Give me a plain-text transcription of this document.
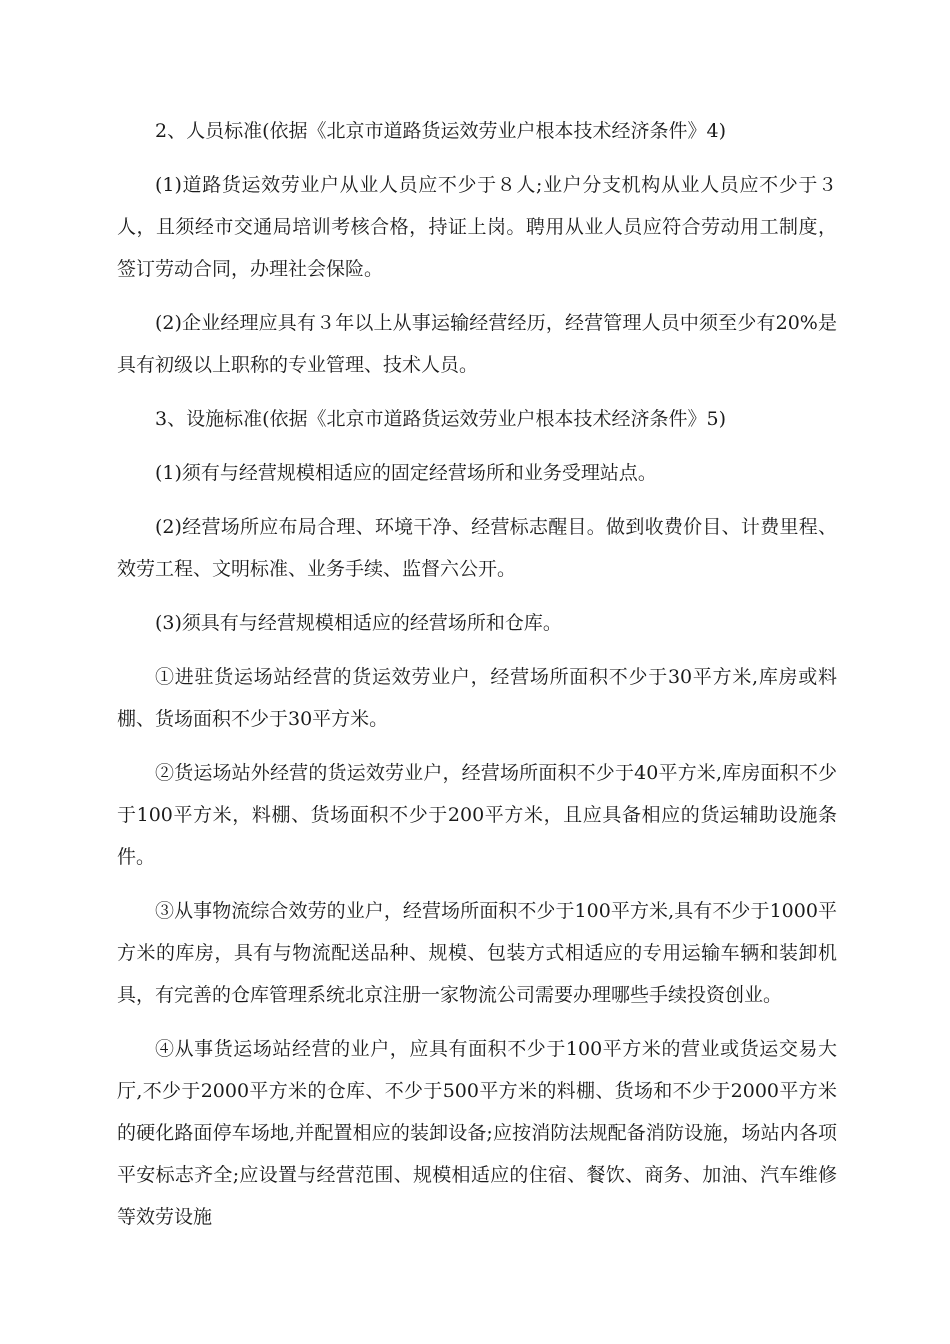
2、人员标准(依据《北京市道路货运效劳业户根本技术经济条件》4)

(1)道路货运效劳业户从业人员应不少于８人;业户分支机构从业人员应不少于３人，且须经市交通局培训考核合格，持证上岗。聘用从业人员应符合劳动用工制度，签订劳动合同，办理社会保险。

(2)企业经理应具有３年以上从事运输经营经历，经营管理人员中须至少有20%是具有初级以上职称的专业管理、技术人员。

3、设施标准(依据《北京市道路货运效劳业户根本技术经济条件》5)

(1)须有与经营规模相适应的固定经营场所和业务受理站点。

(2)经营场所应布局合理、环境干净、经营标志醒目。做到收费价目、计费里程、效劳工程、文明标准、业务手续、监督六公开。

(3)须具有与经营规模相适应的经营场所和仓库。

①进驻货运场站经营的货运效劳业户，经营场所面积不少于30平方米,库房或料棚、货场面积不少于30平方米。

②货运场站外经营的货运效劳业户，经营场所面积不少于40平方米,库房面积不少于100平方米，料棚、货场面积不少于200平方米，且应具备相应的货运辅助设施条件。

③从事物流综合效劳的业户，经营场所面积不少于100平方米,具有不少于1000平方米的库房，具有与物流配送品种、规模、包装方式相适应的专用运输车辆和装卸机具，有完善的仓库管理系统北京注册一家物流公司需要办理哪些手续投资创业。

④从事货运场站经营的业户，应具有面积不少于100平方米的营业或货运交易大厅,不少于2000平方米的仓库、不少于500平方米的料棚、货场和不少于2000平方米的硬化路面停车场地,并配置相应的装卸设备;应按消防法规配备消防设施，场站内各项平安标志齐全;应设置与经营范围、规模相适应的住宿、餐饮、商务、加油、汽车维修等效劳设施
